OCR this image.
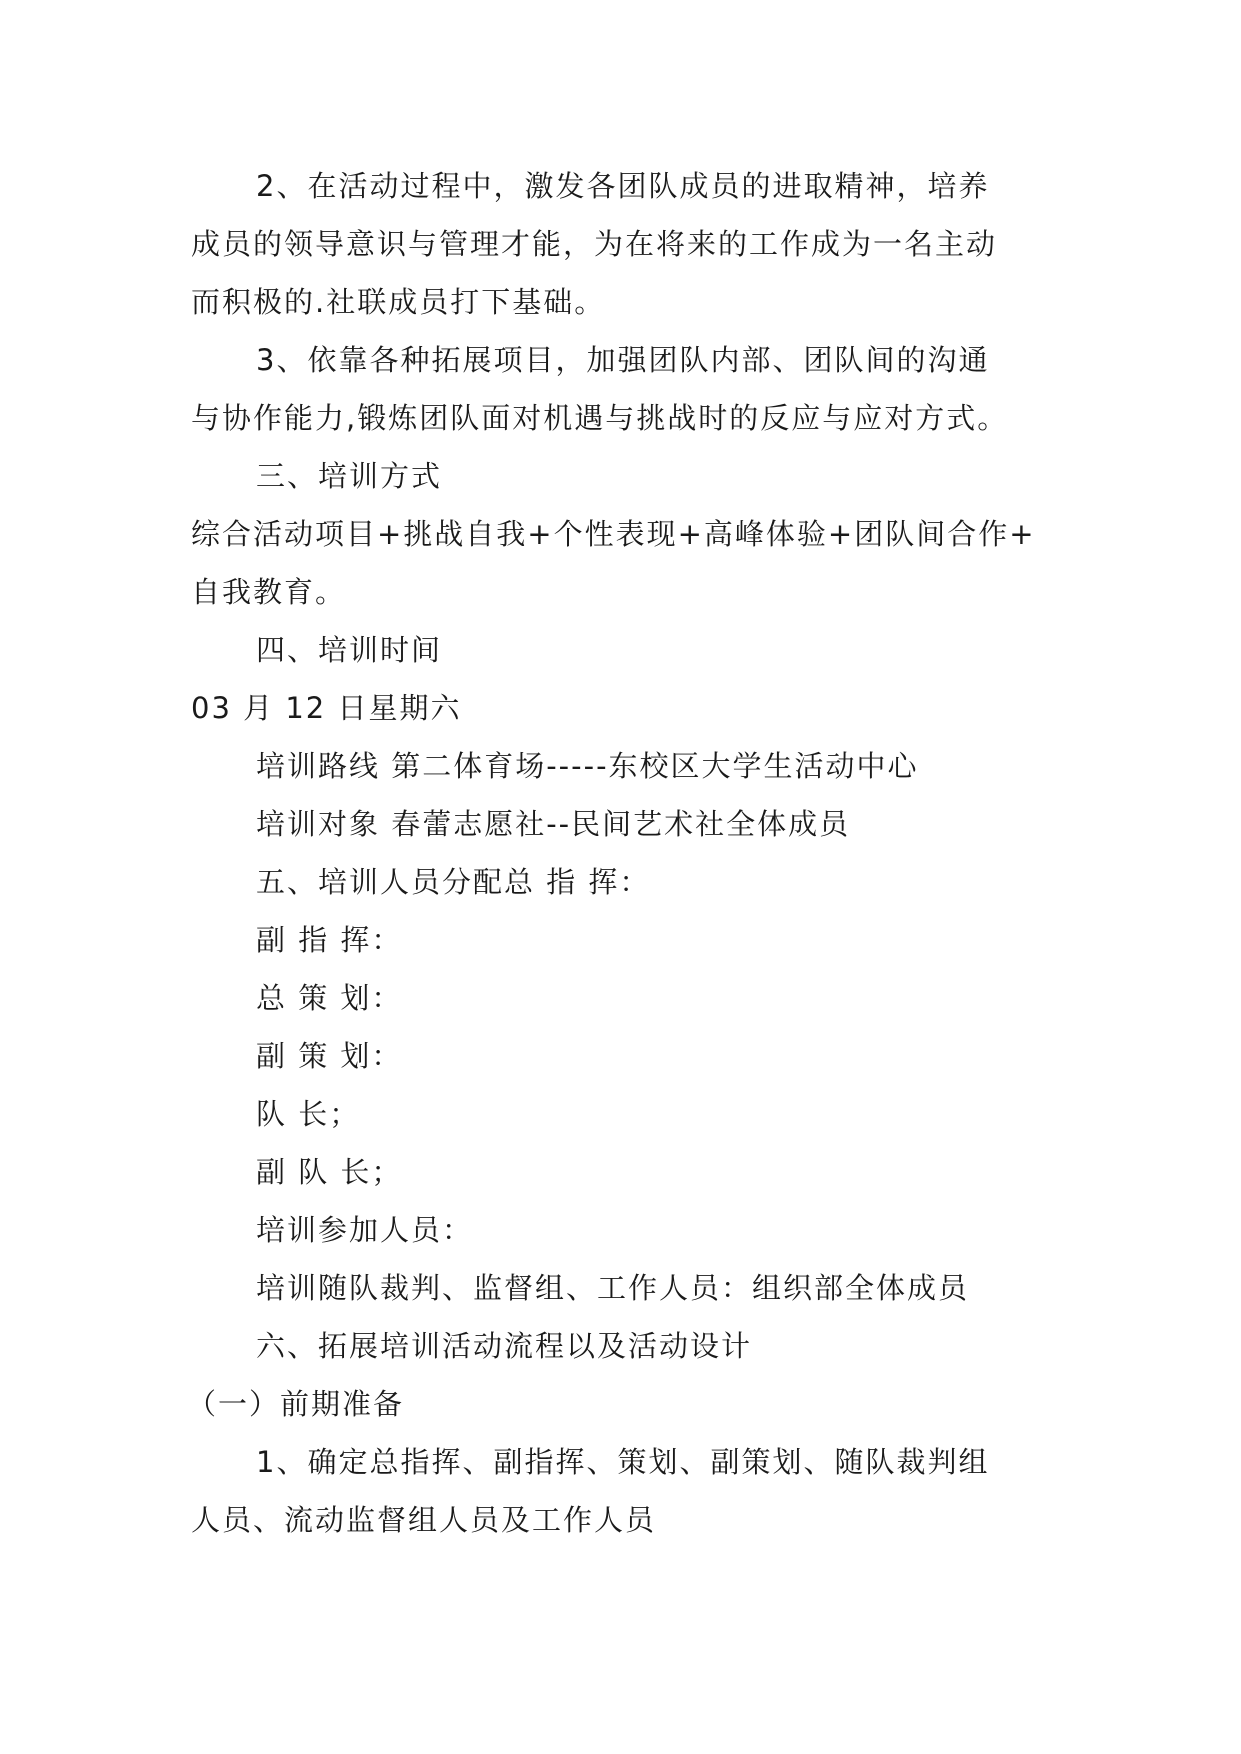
2、在活动过程中，激发各团队成员的进取精神，培养
成员的领导意识与管理才能，为在将来的工作成为一名主动
而积极的.社联成员打下基础。
3、依靠各种拓展项目，加强团队内部、团队间的沟通
与协作能力,锻炼团队面对机遇与挑战时的反应与应对方式。
三、培训方式
综合活动项目+挑战自我+个性表现+高峰体验+团队间合作+
自我教育。
四、培训时间
03 月 12 日星期六
培训路线 第二体育场-----东校区大学生活动中心
培训对象 春蕾志愿社--民间艺术社全体成员
五、培训人员分配总 指 挥：
副 指 挥：
总 策 划：
副 策 划：
队 长；
副 队 长；
培训参加人员：
培训随队裁判、监督组、工作人员：组织部全体成员
六、拓展培训活动流程以及活动设计
（一）前期准备
1、确定总指挥、副指挥、策划、副策划、随队裁判组
人员、流动监督组人员及工作人员
